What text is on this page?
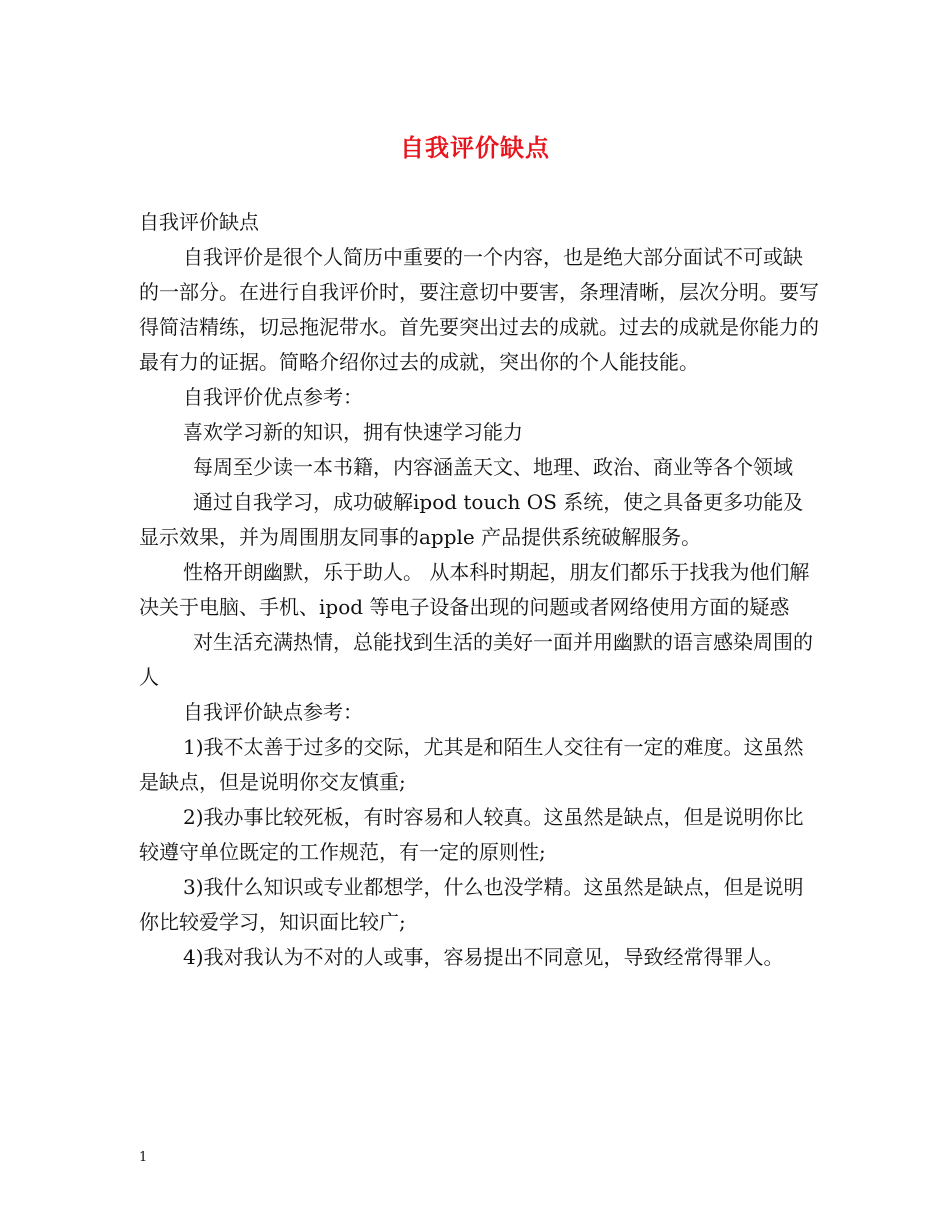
自我评价缺点

自我评价缺点

自我评价是很个人简历中重要的一个内容，也是绝大部分面试不可或缺的一部分。在进行自我评价时，要注意切中要害，条理清晰，层次分明。要写得简洁精练，切忌拖泥带水。首先要突出过去的成就。过去的成就是你能力的最有力的证据。简略介绍你过去的成就，突出你的个人能技能。

自我评价优点参考：

喜欢学习新的知识，拥有快速学习能力

每周至少读一本书籍，内容涵盖天文、地理、政治、商业等各个领域

通过自我学习，成功破解ipod touch OS 系统，使之具备更多功能及显示效果，并为周围朋友同事的apple 产品提供系统破解服务。

性格开朗幽默，乐于助人。 从本科时期起，朋友们都乐于找我为他们解决关于电脑、手机、ipod 等电子设备出现的问题或者网络使用方面的疑惑

对生活充满热情，总能找到生活的美好一面并用幽默的语言感染周围的人

自我评价缺点参考：

1)我不太善于过多的交际，尤其是和陌生人交往有一定的难度。这虽然是缺点，但是说明你交友慎重;

2)我办事比较死板，有时容易和人较真。这虽然是缺点，但是说明你比较遵守单位既定的工作规范，有一定的原则性;

3)我什么知识或专业都想学，什么也没学精。这虽然是缺点，但是说明你比较爱学习，知识面比较广;

4)我对我认为不对的人或事，容易提出不同意见，导致经常得罪人。

1
